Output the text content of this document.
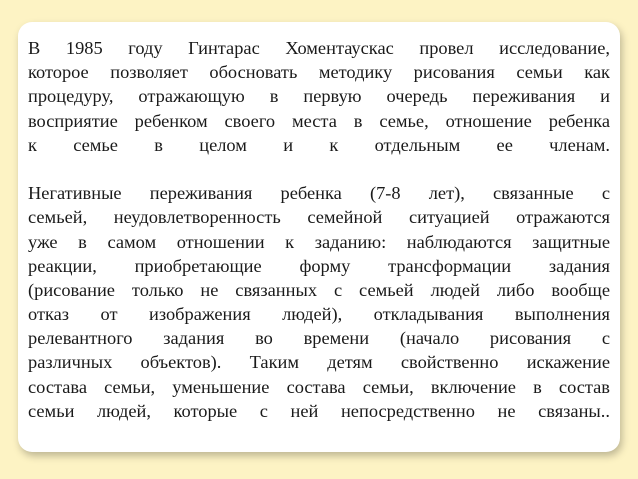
В 1985 году Гинтарас Хоментаускас провел исследование,
которое позволяет обосновать методику рисования семьи как
процедуру, отражающую в первую очередь переживания и
восприятие ребенком своего места в семье, отношение ребенка
к семье в целом и к отдельным ее членам.
Негативные переживания ребенка (7-8 лет), связанные с
семьей, неудовлетворенность семейной ситуацией отражаются
уже в самом отношении к заданию: наблюдаются защитные
реакции, приобретающие форму трансформации задания
(рисование только не связанных с семьей людей либо вообще
отказ от изображения людей), откладывания выполнения
релевантного задания во времени (начало рисования с
различных объектов). Таким детям свойственно искажение
состава семьи, уменьшение состава семьи, включение в состав
семьи людей, которые с ней непосредственно не связаны..
